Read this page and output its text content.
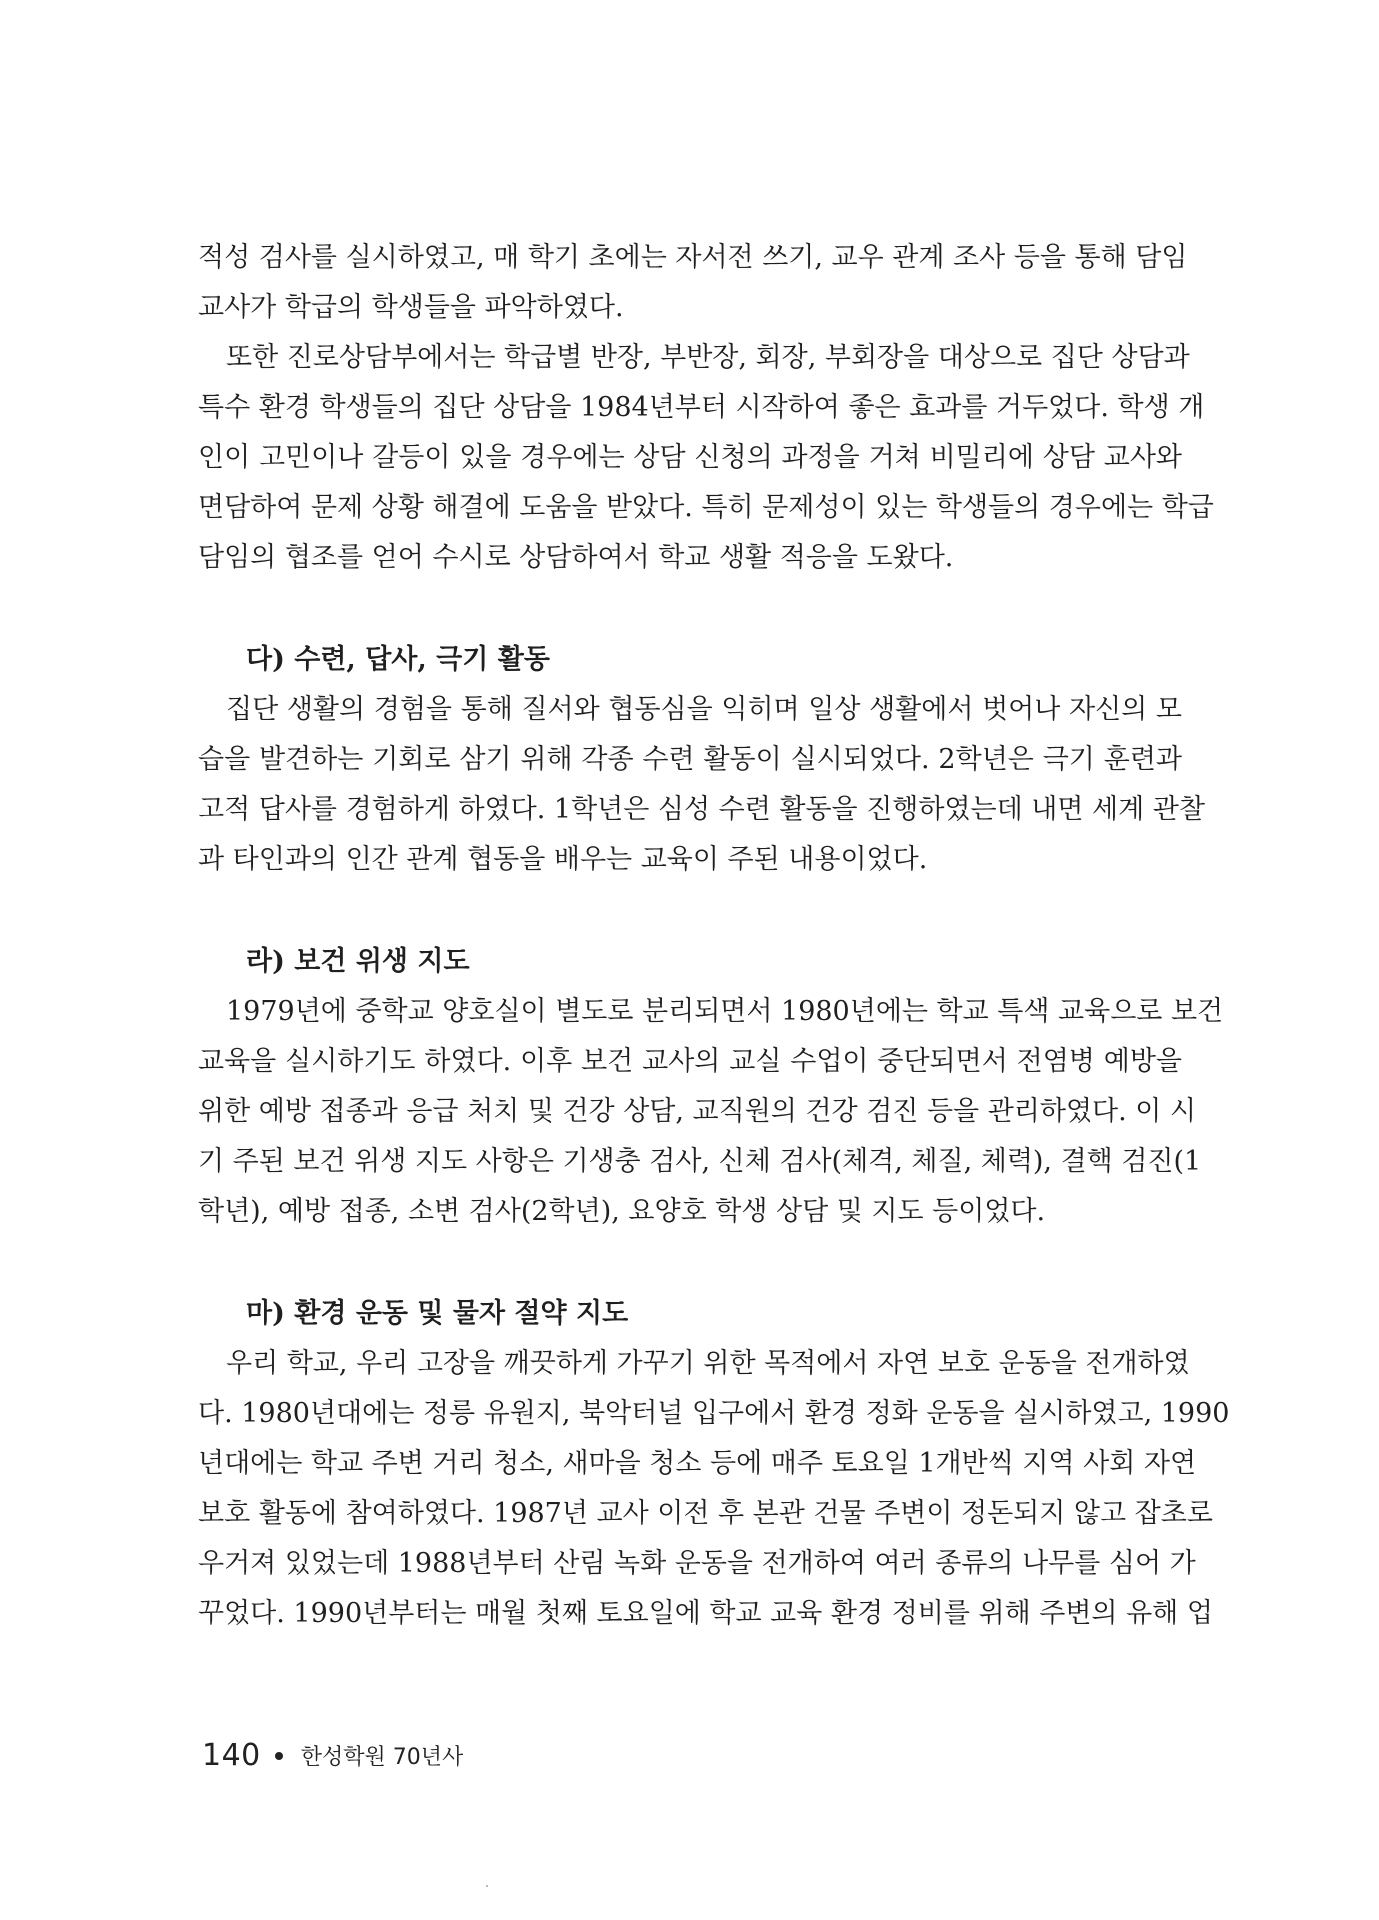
적성 검사를 실시하였고, 매 학기 초에는 자서전 쓰기, 교우 관계 조사 등을 통해 담임
교사가 학급의 학생들을 파악하였다.

또한 진로상담부에서는 학급별 반장, 부반장, 회장, 부회장을 대상으로 집단 상담과
특수 환경 학생들의 집단 상담을 1984년부터 시작하여 좋은 효과를 거두었다. 학생 개
인이 고민이나 갈등이 있을 경우에는 상담 신청의 과정을 거쳐 비밀리에 상담 교사와
면담하여 문제 상황 해결에 도움을 받았다. 특히 문제성이 있는 학생들의 경우에는 학급
담임의 협조를 얻어 수시로 상담하여서 학교 생활 적응을 도왔다.

다) 수련, 답사, 극기 활동

집단 생활의 경험을 통해 질서와 협동심을 익히며 일상 생활에서 벗어나 자신의 모
습을 발견하는 기회로 삼기 위해 각종 수련 활동이 실시되었다. 2학년은 극기 훈련과
고적 답사를 경험하게 하였다. 1학년은 심성 수련 활동을 진행하였는데 내면 세계 관찰
과 타인과의 인간 관계 협동을 배우는 교육이 주된 내용이었다.

라) 보건 위생 지도

1979년에 중학교 양호실이 별도로 분리되면서 1980년에는 학교 특색 교육으로 보건
교육을 실시하기도 하였다. 이후 보건 교사의 교실 수업이 중단되면서 전염병 예방을
위한 예방 접종과 응급 처치 및 건강 상담, 교직원의 건강 검진 등을 관리하였다. 이 시
기 주된 보건 위생 지도 사항은 기생충 검사, 신체 검사(체격, 체질, 체력), 결핵 검진(1
학년), 예방 접종, 소변 검사(2학년), 요양호 학생 상담 및 지도 등이었다.

마) 환경 운동 및 물자 절약 지도

우리 학교, 우리 고장을 깨끗하게 가꾸기 위한 목적에서 자연 보호 운동을 전개하였
다. 1980년대에는 정릉 유원지, 북악터널 입구에서 환경 정화 운동을 실시하였고, 1990
년대에는 학교 주변 거리 청소, 새마을 청소 등에 매주 토요일 1개반씩 지역 사회 자연
보호 활동에 참여하였다. 1987년 교사 이전 후 본관 건물 주변이 정돈되지 않고 잡초로
우거져 있었는데 1988년부터 산림 녹화 운동을 전개하여 여러 종류의 나무를 심어 가
꾸었다. 1990년부터는 매월 첫째 토요일에 학교 교육 환경 정비를 위해 주변의 유해 업

140 한성학원 70년사
